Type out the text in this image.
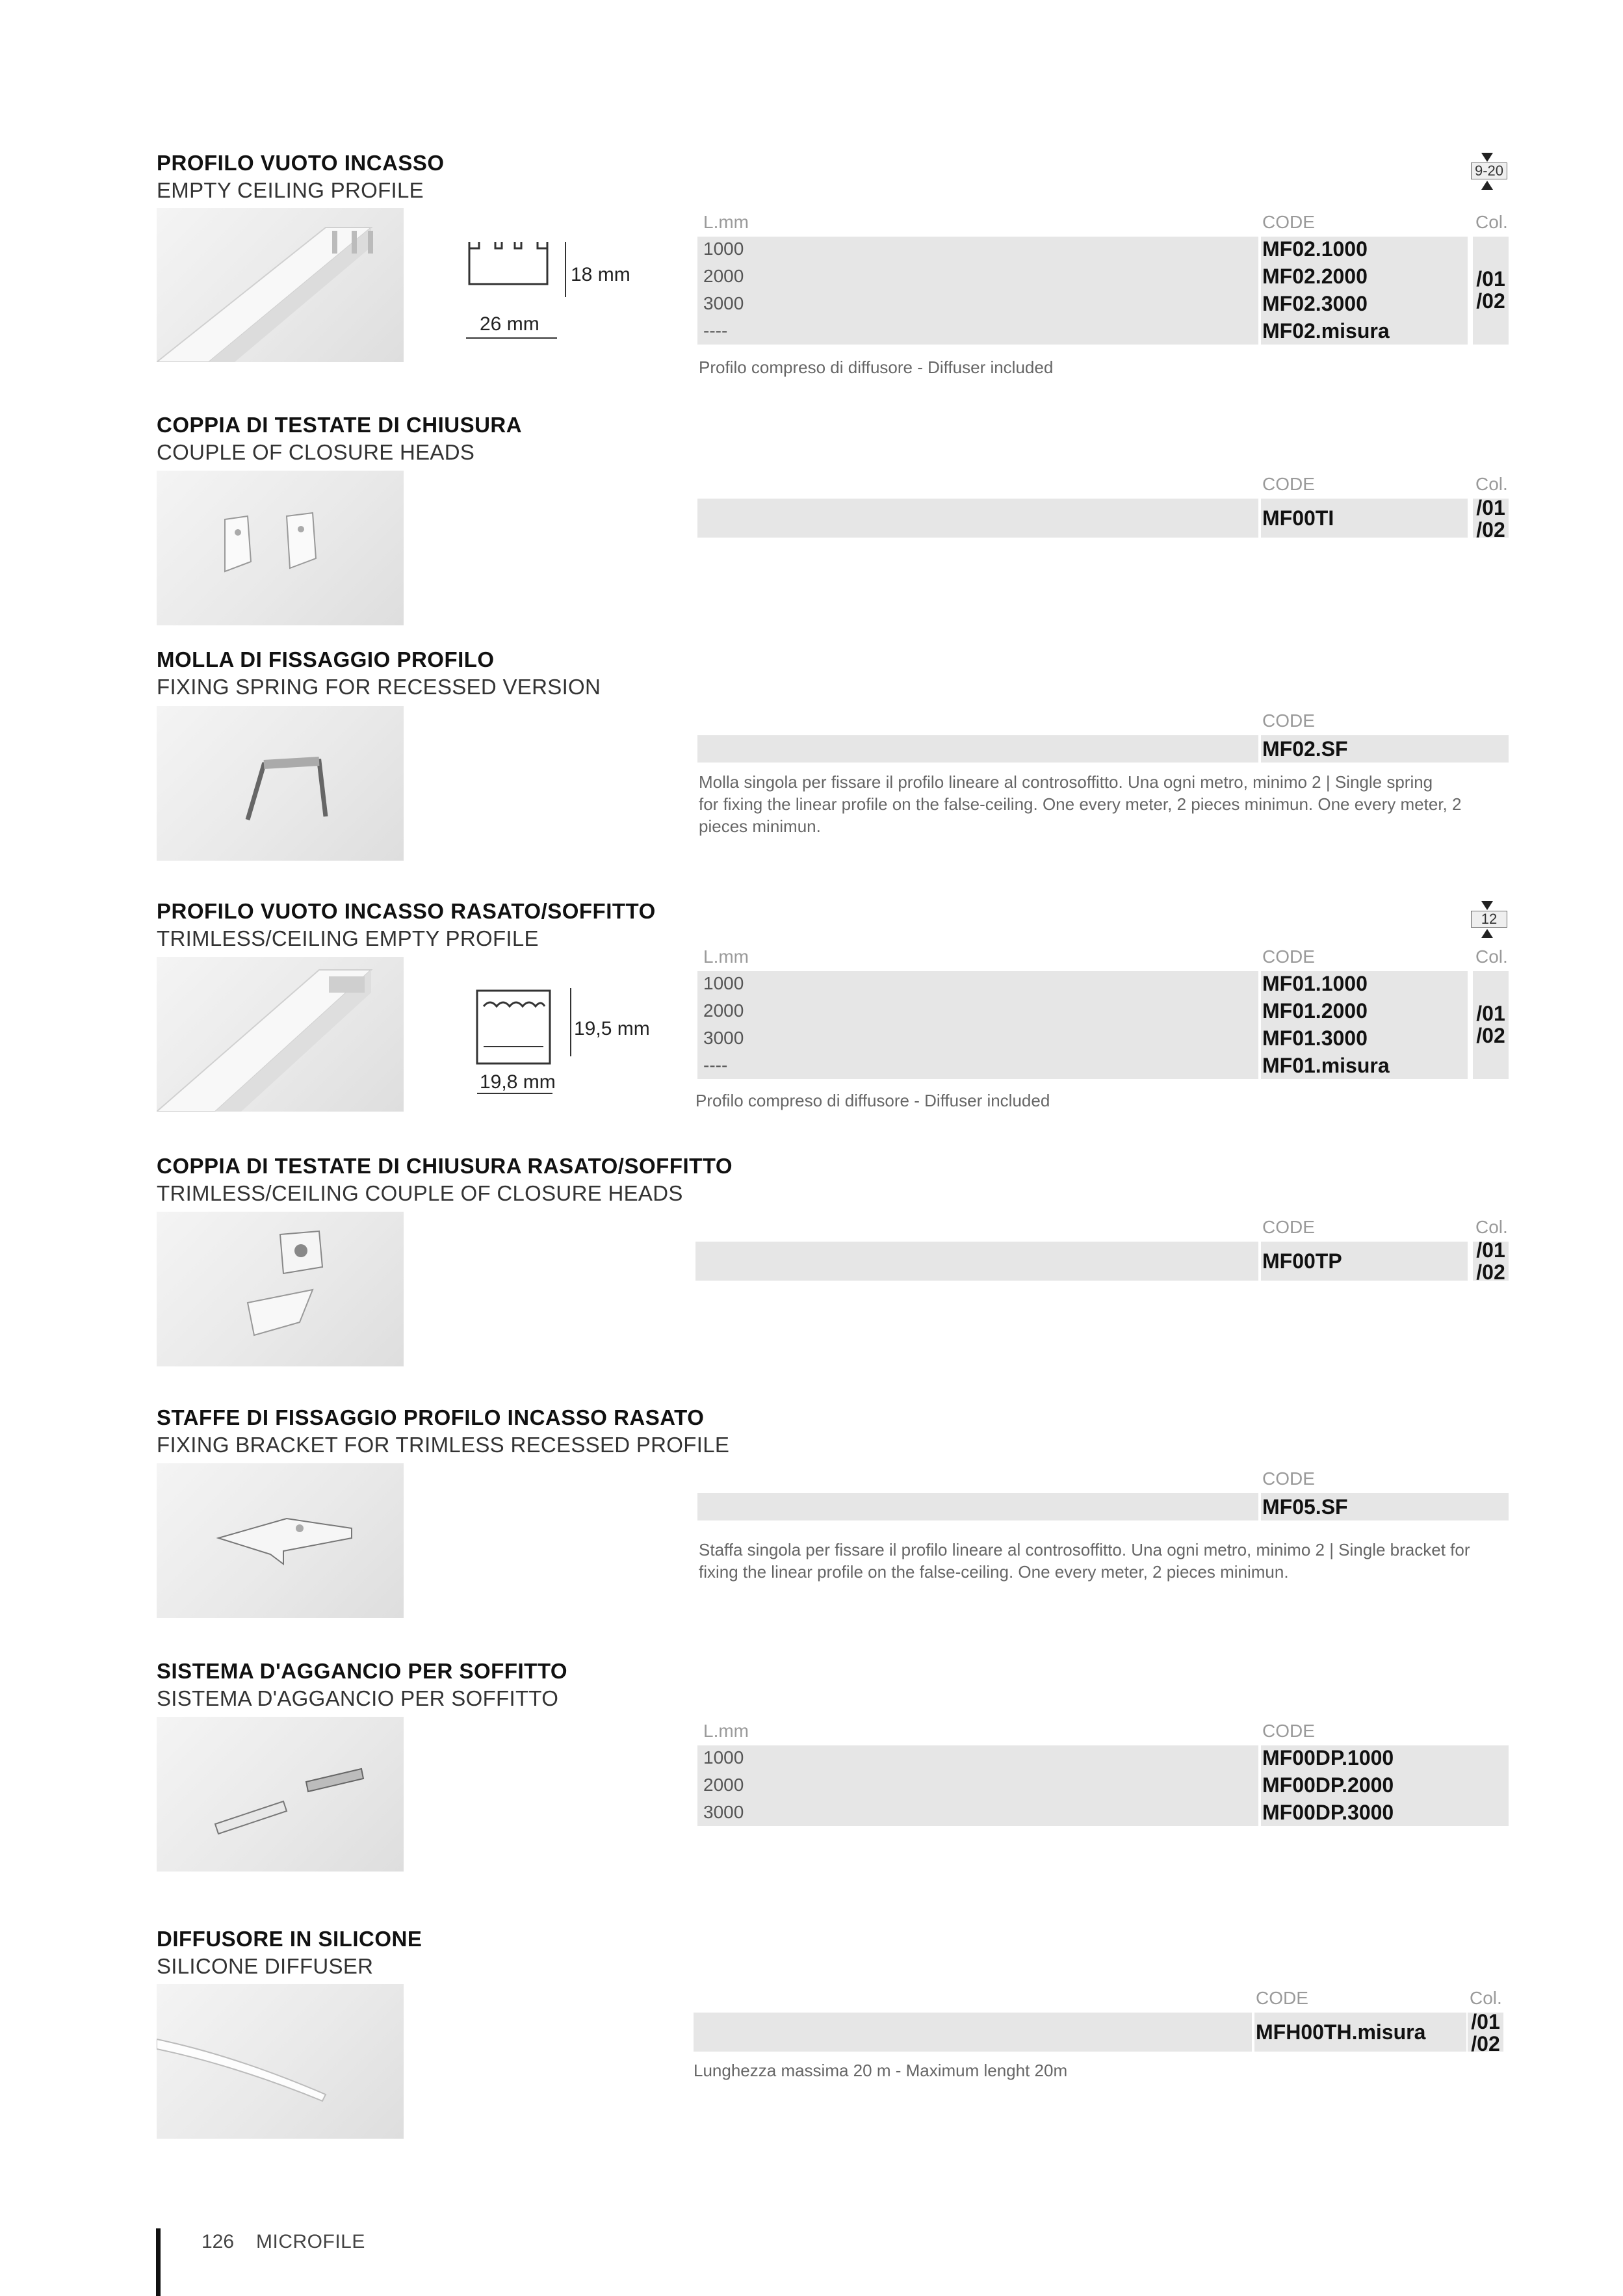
PROFILO VUOTO INCASSO
EMPTY CEILING PROFILE
18 mm
26 mm
9-20
L.mm	CODE	Col.
1000	MF02.1000
2000	MF02.2000
3000	MF02.3000
----	MF02.misura
/01
/02
Profilo compreso di diffusore - Diffuser included
COPPIA DI TESTATE DI CHIUSURA
COUPLE OF CLOSURE HEADS
CODE	Col.
MF00TI	/01
/02
MOLLA DI FISSAGGIO PROFILO
FIXING SPRING FOR RECESSED VERSION
CODE
MF02.SF
Molla singola per fissare il profilo lineare al controsoffitto. Una ogni metro, minimo 2 | Single spring
for fixing the linear profile on the false-ceiling. One every meter, 2 pieces minimun. One every meter, 2
pieces minimun.
PROFILO VUOTO INCASSO RASATO/SOFFITTO
TRIMLESS/CEILING EMPTY PROFILE
19,5 mm
19,8 mm
12
L.mm	CODE	Col.
1000	MF01.1000
2000	MF01.2000
3000	MF01.3000
----	MF01.misura
/01
/02
Profilo compreso di diffusore - Diffuser included
COPPIA DI TESTATE DI CHIUSURA RASATO/SOFFITTO
TRIMLESS/CEILING COUPLE OF CLOSURE HEADS
CODE	Col.
MF00TP	/01
/02
STAFFE DI FISSAGGIO PROFILO INCASSO RASATO
FIXING BRACKET FOR TRIMLESS RECESSED PROFILE
CODE
MF05.SF
Staffa singola per fissare il profilo lineare al controsoffitto. Una ogni metro, minimo 2 | Single bracket for
fixing the linear profile on the false-ceiling. One every meter, 2 pieces minimun.
SISTEMA D'AGGANCIO PER SOFFITTO
SISTEMA D'AGGANCIO PER SOFFITTO
L.mm	CODE
1000	MF00DP.1000
2000	MF00DP.2000
3000	MF00DP.3000
DIFFUSORE IN SILICONE
SILICONE DIFFUSER
CODE	Col.
MFH00TH.misura /01
/02
Lunghezza massima 20 m - Maximum lenght 20m
126 MICROFILE
